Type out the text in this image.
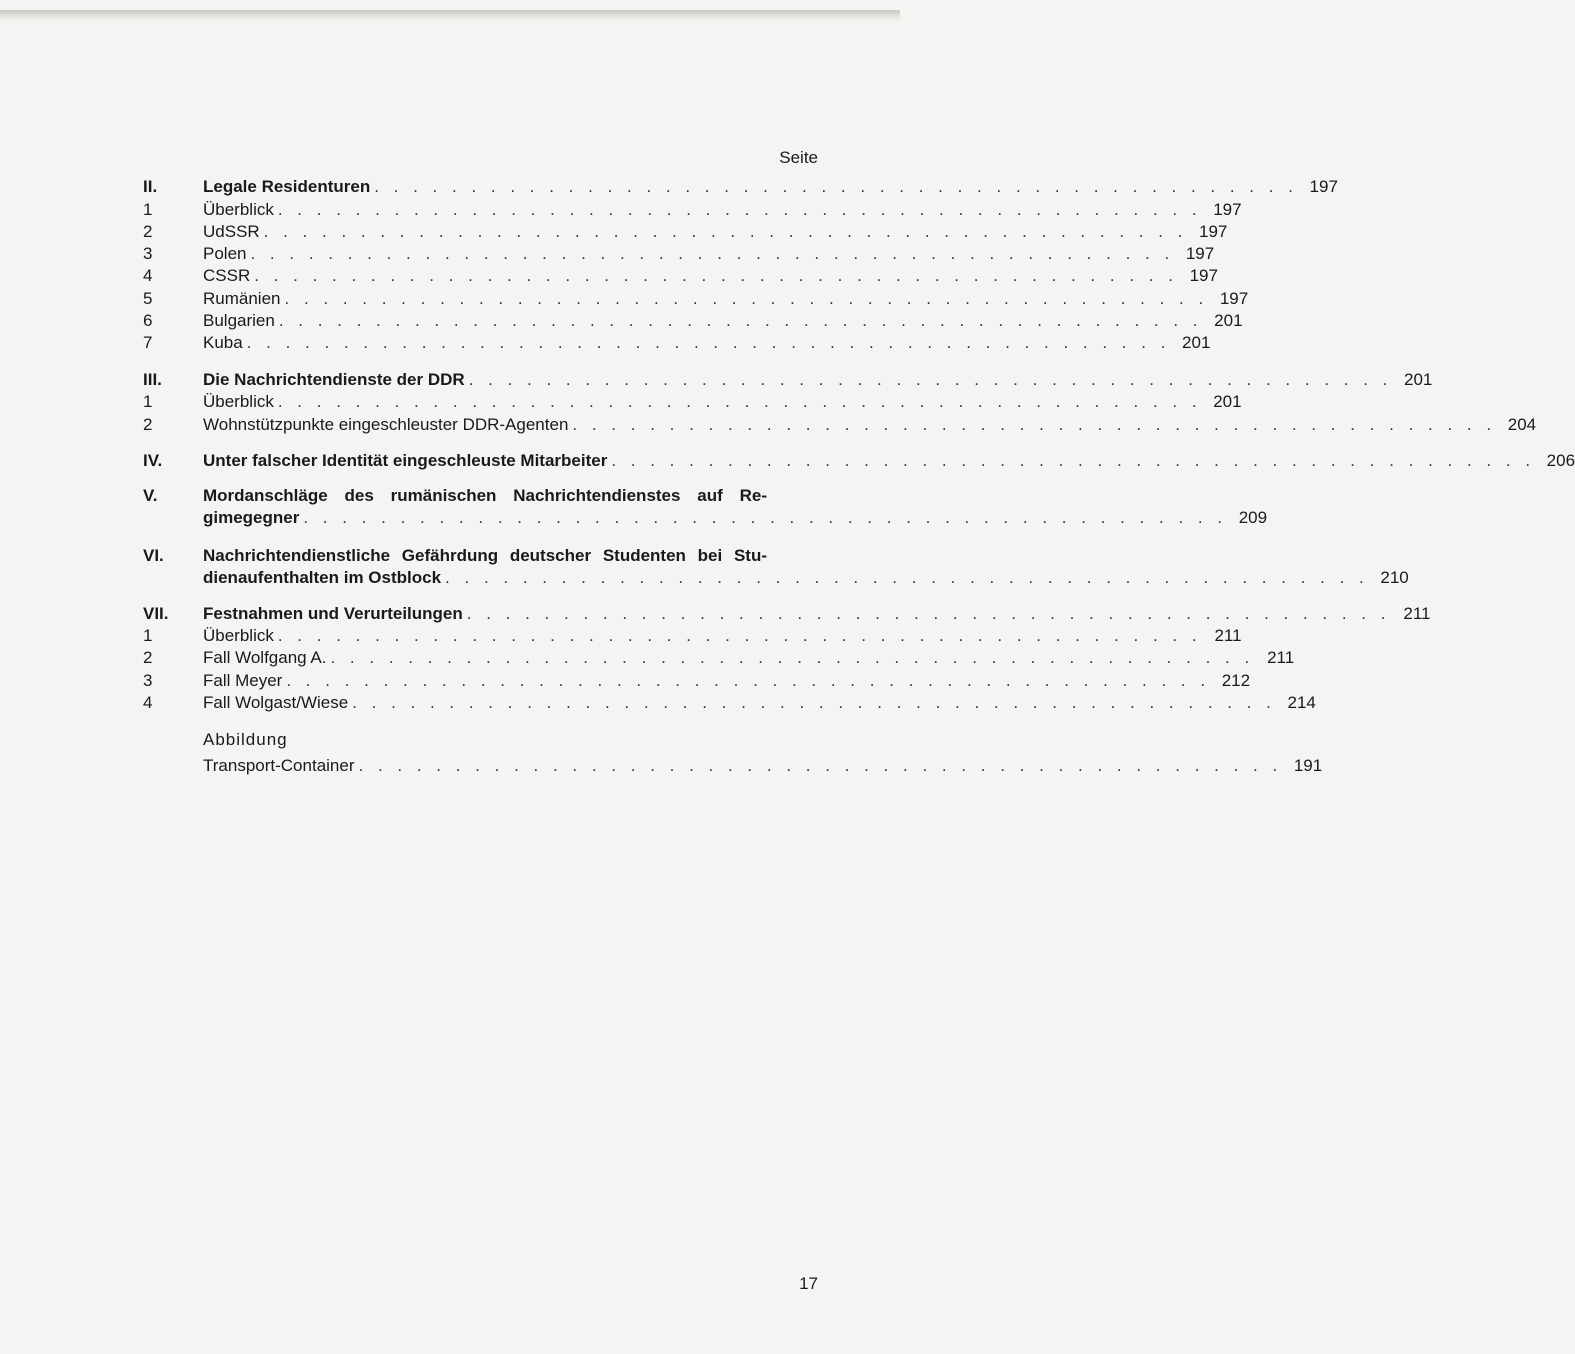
Seite
II.	Legale Residenturen . . . . . . . . . . . . . . . . . . . . . . . . . . . . . . . . . . . . . . . . . . . . . . . . 197
1	Überblick . . . . . . . . . . . . . . . . . . . . . . . . . . . . . . . . . . . . . . . . . . . . . . . . 197
2	UdSSR . . . . . . . . . . . . . . . . . . . . . . . . . . . . . . . . . . . . . . . . . . . . . . . . 197
3	Polen . . . . . . . . . . . . . . . . . . . . . . . . . . . . . . . . . . . . . . . . . . . . . . . . 197
4	CSSR . . . . . . . . . . . . . . . . . . . . . . . . . . . . . . . . . . . . . . . . . . . . . . . . 197
5	Rumänien . . . . . . . . . . . . . . . . . . . . . . . . . . . . . . . . . . . . . . . . . . . . . . . . 197
6	Bulgarien . . . . . . . . . . . . . . . . . . . . . . . . . . . . . . . . . . . . . . . . . . . . . . . . 201
7	Kuba . . . . . . . . . . . . . . . . . . . . . . . . . . . . . . . . . . . . . . . . . . . . . . . . 201
III.	Die Nachrichtendienste der DDR . . . . . . . . . . . . . . . . . . . . . . . . . . . . . . . . . . . . . . . . . . . . . . . . 201
1	Überblick . . . . . . . . . . . . . . . . . . . . . . . . . . . . . . . . . . . . . . . . . . . . . . . . 201
2	Wohnstützpunkte eingeschleuster DDR-Agenten . . . . . . . . . . . . . . . . . . . . . . . . . . . . . . . . . . . . . . . . . . . . . . . . 204
IV.	Unter falscher Identität eingeschleuste Mitarbeiter . . . . . . . . . . . . . . . . . . . . . . . . . . . . . . . . . . . . . . . . . . . . . . . . 206
V.	Mordanschläge des rumänischen Nachrichtendienstes auf Re-
gimegegner . . . . . . . . . . . . . . . . . . . . . . . . . . . . . . . . . . . . . . . . . . . . . . . . 209
VI.	Nachrichtendienstliche Gefährdung deutscher Studenten bei Stu-
dienaufenthalten im Ostblock . . . . . . . . . . . . . . . . . . . . . . . . . . . . . . . . . . . . . . . . . . . . . . . . 210
VII.	Festnahmen und Verurteilungen . . . . . . . . . . . . . . . . . . . . . . . . . . . . . . . . . . . . . . . . . . . . . . . . 211
1	Überblick . . . . . . . . . . . . . . . . . . . . . . . . . . . . . . . . . . . . . . . . . . . . . . . . 211
2	Fall Wolfgang A. . . . . . . . . . . . . . . . . . . . . . . . . . . . . . . . . . . . . . . . . . . . . . . . . 211
3	Fall Meyer . . . . . . . . . . . . . . . . . . . . . . . . . . . . . . . . . . . . . . . . . . . . . . . . 212
4	Fall Wolgast/Wiese . . . . . . . . . . . . . . . . . . . . . . . . . . . . . . . . . . . . . . . . . . . . . . . . 214
Abbildung
Transport-Container . . . . . . . . . . . . . . . . . . . . . . . . . . . . . . . . . . . . . . . . . . . . . . . . 191
17
